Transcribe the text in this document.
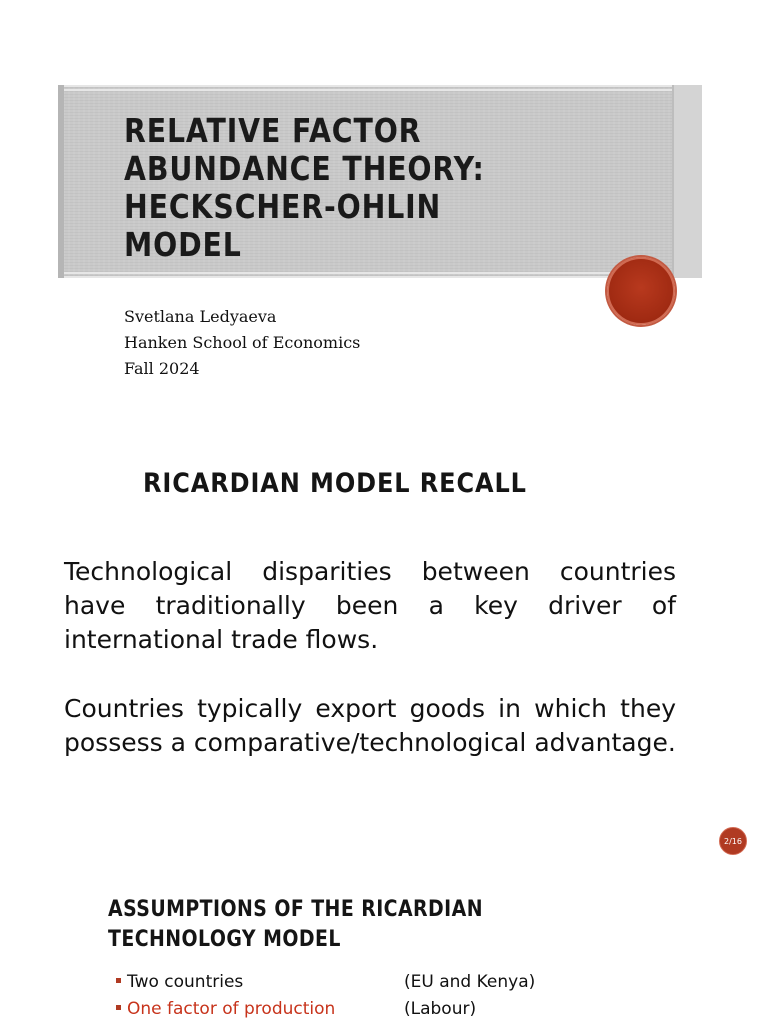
RELATIVE FACTOR
ABUNDANCE THEORY:
HECKSCHER-OHLIN
MODEL
Svetlana Ledyaeva
Hanken School of Economics
Fall 2024
RICARDIAN MODEL RECALL

Technological disparities between countries have traditionally been a key driver of international trade flows.

Countries typically export goods in which they possess a comparative/technological advantage.

2/16
ASSUMPTIONS OF THE RICARDIAN
TECHNOLOGY MODEL
Two countries	(EU and Kenya)
One factor of production	(Labour)
